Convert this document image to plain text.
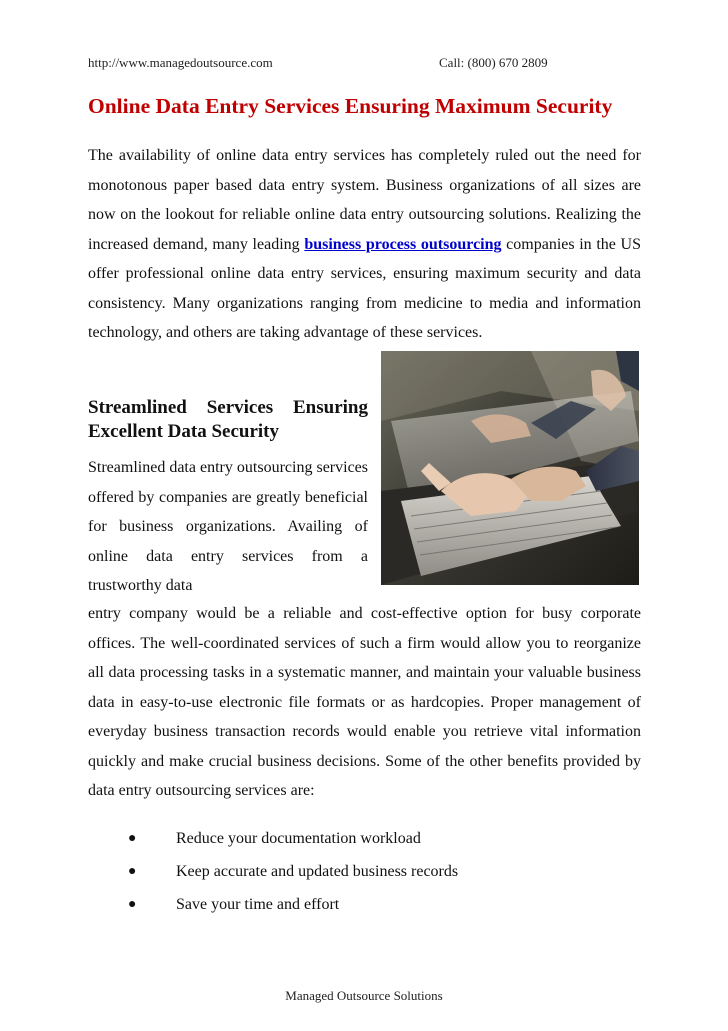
http://www.managedoutsource.com	Call: (800) 670 2809
Online Data Entry Services Ensuring Maximum Security

The availability of online data entry services has completely ruled out the need for monotonous paper based data entry system. Business organizations of all sizes are now on the lookout for reliable online data entry outsourcing solutions. Realizing the increased demand, many leading business process outsourcing companies in the US offer professional online data entry services, ensuring maximum security and data consistency. Many organizations ranging from medicine to media and information technology, and others are taking advantage of these services.

Streamlined Services Ensuring Excellent Data Security

Streamlined data entry outsourcing services offered by companies are greatly beneficial for business organizations. Availing of online data entry services from a trustworthy data

entry company would be a reliable and cost-effective option for busy corporate offices. The well-coordinated services of such a firm would allow you to reorganize all data processing tasks in a systematic manner, and maintain your valuable business data in easy-to-use electronic file formats or as hardcopies. Proper management of everyday business transaction records would enable you retrieve vital information quickly and make crucial business decisions. Some of the other benefits provided by data entry outsourcing services are:

● Reduce your documentation workload
● Keep accurate and updated business records
● Save your time and effort
Managed Outsource Solutions
